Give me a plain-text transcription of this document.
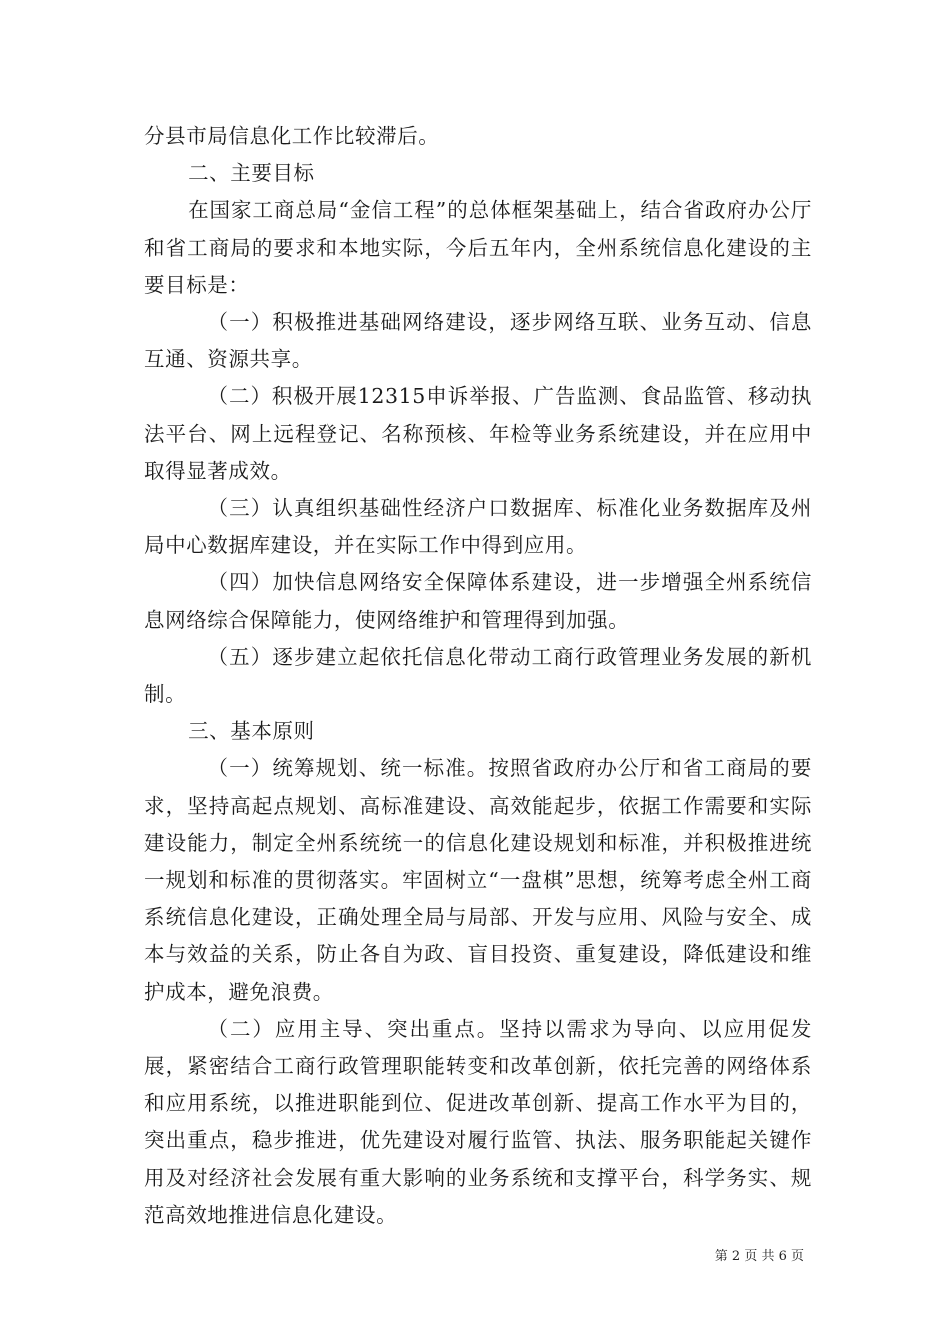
分县市局信息化工作比较滞后。

二、主要目标

在国家工商总局“金信工程”的总体框架基础上，结合省政府办公厅和省工商局的要求和本地实际，今后五年内，全州系统信息化建设的主要目标是：

（一）积极推进基础网络建设，逐步网络互联、业务互动、信息互通、资源共享。

（二）积极开展12315申诉举报、广告监测、食品监管、移动执法平台、网上远程登记、名称预核、年检等业务系统建设，并在应用中取得显著成效。

（三）认真组织基础性经济户口数据库、标准化业务数据库及州局中心数据库建设，并在实际工作中得到应用。

（四）加快信息网络安全保障体系建设，进一步增强全州系统信息网络综合保障能力，使网络维护和管理得到加强。

（五）逐步建立起依托信息化带动工商行政管理业务发展的新机制。

三、基本原则

（一）统筹规划、统一标准。按照省政府办公厅和省工商局的要求，坚持高起点规划、高标准建设、高效能起步，依据工作需要和实际建设能力，制定全州系统统一的信息化建设规划和标准，并积极推进统一规划和标准的贯彻落实。牢固树立“一盘棋”思想，统筹考虑全州工商系统信息化建设，正确处理全局与局部、开发与应用、风险与安全、成本与效益的关系，防止各自为政、盲目投资、重复建设，降低建设和维护成本，避免浪费。

（二）应用主导、突出重点。坚持以需求为导向、以应用促发展，紧密结合工商行政管理职能转变和改革创新，依托完善的网络体系和应用系统，以推进职能到位、促进改革创新、提高工作水平为目的，突出重点，稳步推进，优先建设对履行监管、执法、服务职能起关键作用及对经济社会发展有重大影响的业务系统和支撑平台，科学务实、规范高效地推进信息化建设。

第 2 页 共 6 页
